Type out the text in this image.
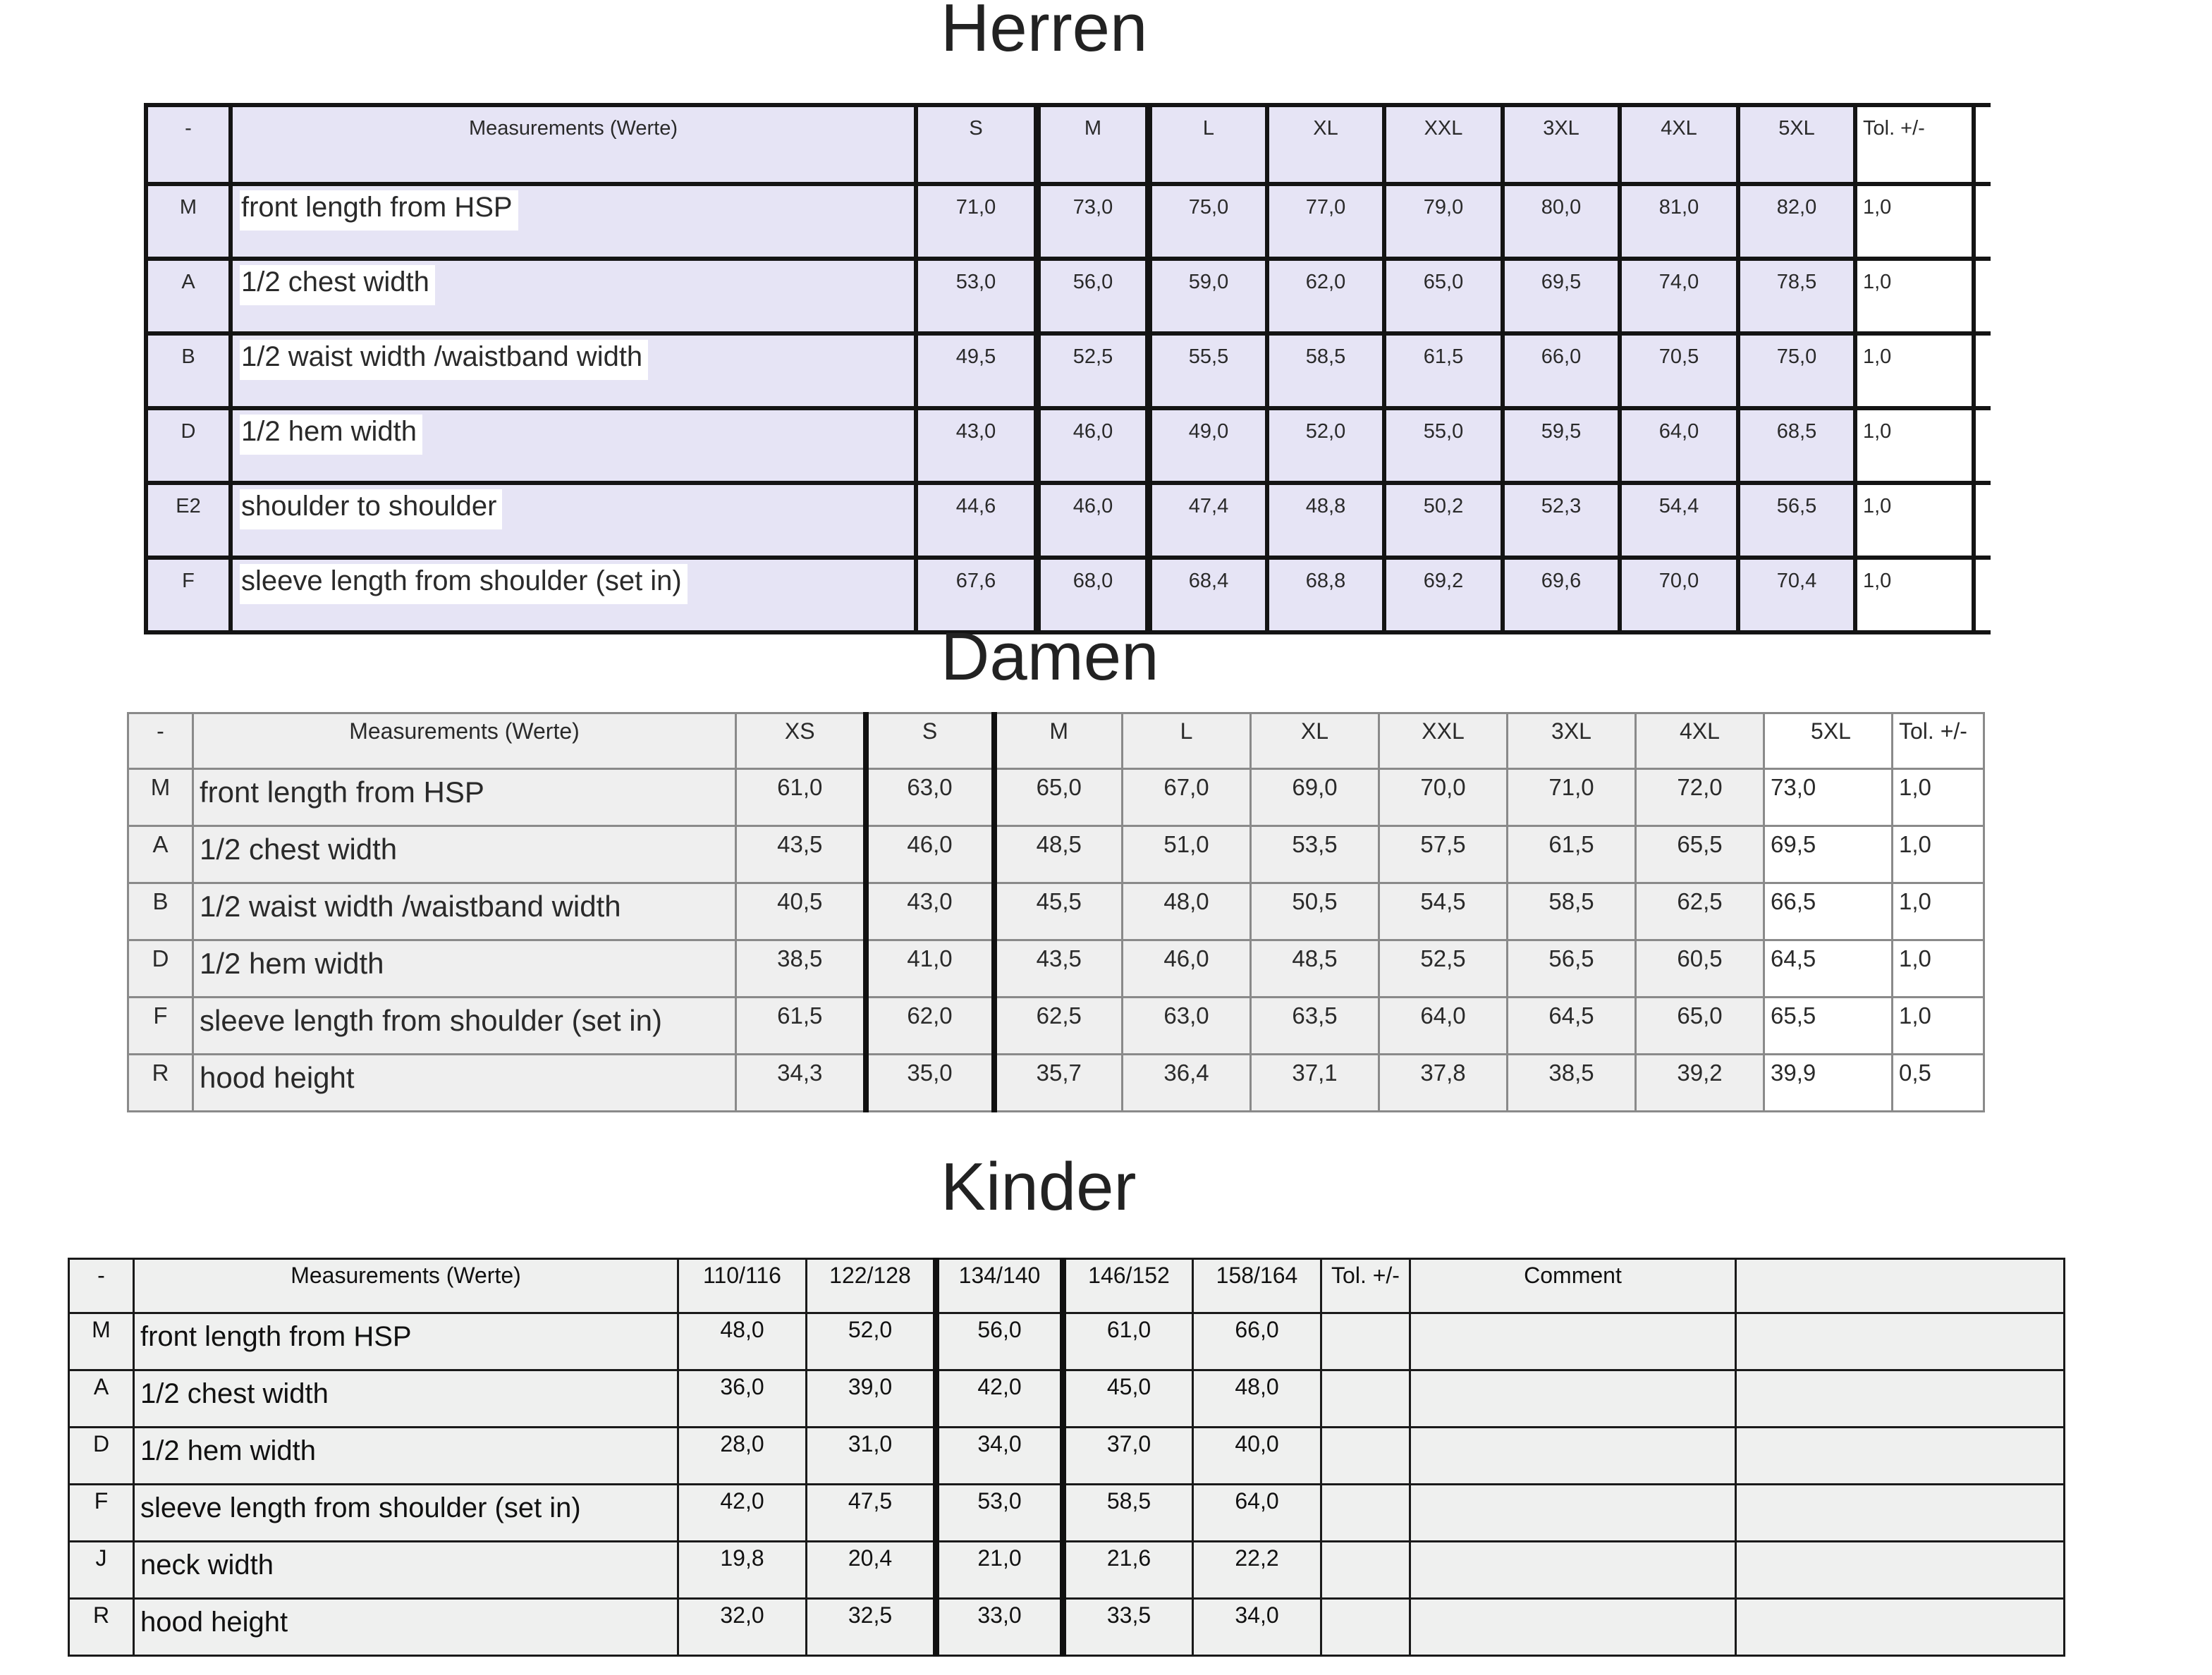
Herren
-	Measurements (Werte)	S	M	L	XL	XXL	3XL	4XL	5XL	Tol. +/-	
M	front length from HSP	71,0	73,0	75,0	77,0	79,0	80,0	81,0	82,0	1,0	
A	1/2 chest width	53,0	56,0	59,0	62,0	65,0	69,5	74,0	78,5	1,0	
B	1/2 waist width /waistband width	49,5	52,5	55,5	58,5	61,5	66,0	70,5	75,0	1,0	
D	1/2 hem width	43,0	46,0	49,0	52,0	55,0	59,5	64,0	68,5	1,0	
E2	shoulder to shoulder	44,6	46,0	47,4	48,8	50,2	52,3	54,4	56,5	1,0	
F	sleeve length from shoulder (set in)	67,6	68,0	68,4	68,8	69,2	69,6	70,0	70,4	1,0	
Damen
-	Measurements (Werte)	XS	S	M	L	XL	XXL	3XL	4XL	5XL	Tol. +/-
M	front length from HSP	61,0	63,0	65,0	67,0	69,0	70,0	71,0	72,0	73,0	1,0
A	1/2 chest width	43,5	46,0	48,5	51,0	53,5	57,5	61,5	65,5	69,5	1,0
B	1/2 waist width /waistband width	40,5	43,0	45,5	48,0	50,5	54,5	58,5	62,5	66,5	1,0
D	1/2 hem width	38,5	41,0	43,5	46,0	48,5	52,5	56,5	60,5	64,5	1,0
F	sleeve length from shoulder (set in)	61,5	62,0	62,5	63,0	63,5	64,0	64,5	65,0	65,5	1,0
R	hood height	34,3	35,0	35,7	36,4	37,1	37,8	38,5	39,2	39,9	0,5
Kinder
-	Measurements (Werte)	110/116	122/128	134/140	146/152	158/164	Tol. +/-	Comment	
M	front length from HSP	48,0	52,0	56,0	61,0	66,0			
A	1/2 chest width	36,0	39,0	42,0	45,0	48,0			
D	1/2 hem width	28,0	31,0	34,0	37,0	40,0			
F	sleeve length from shoulder (set in)	42,0	47,5	53,0	58,5	64,0			
J	neck width	19,8	20,4	21,0	21,6	22,2			
R	hood height	32,0	32,5	33,0	33,5	34,0			
